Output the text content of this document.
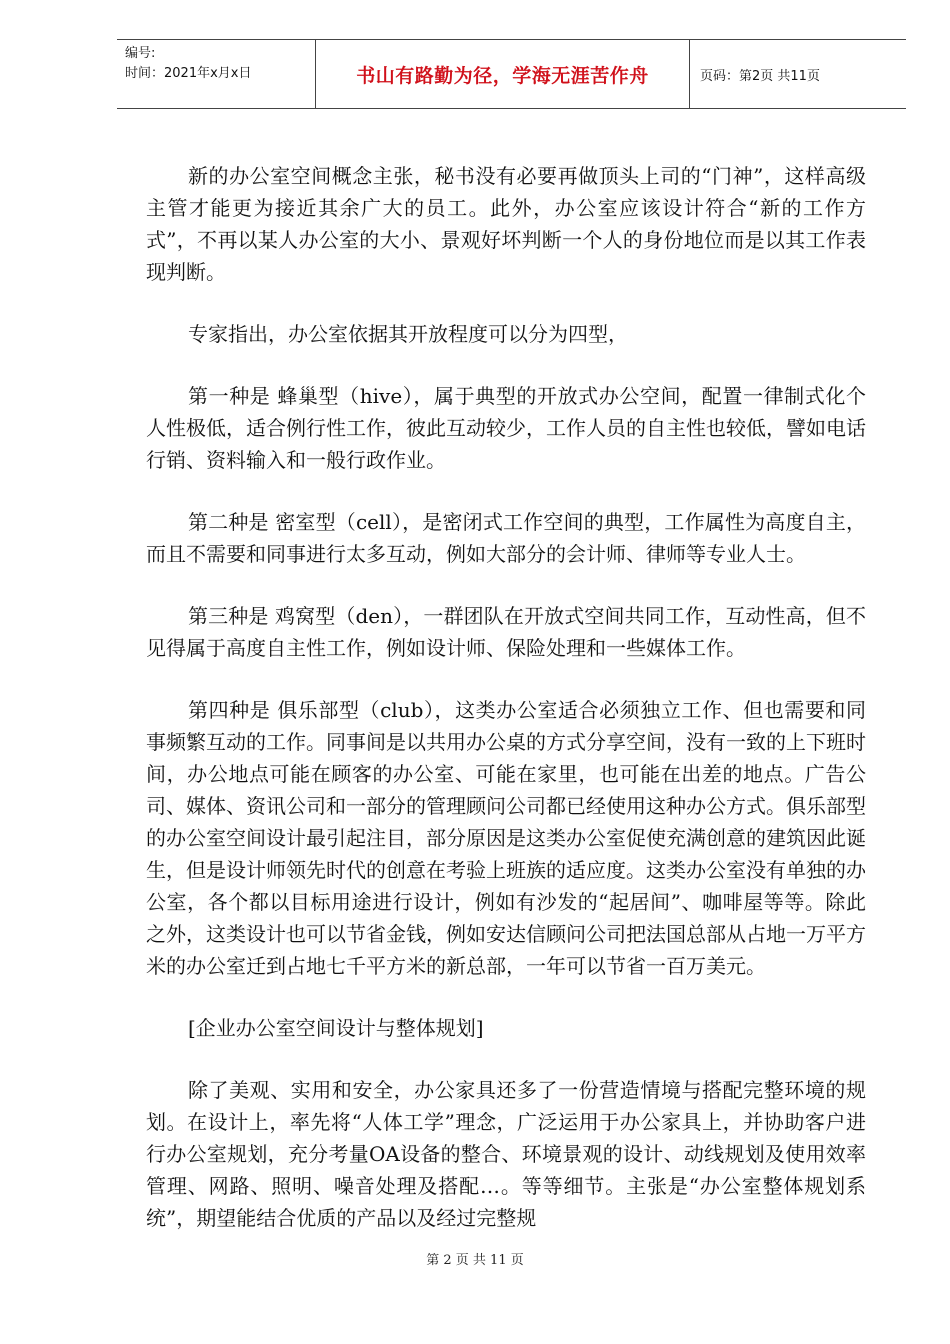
编号:
时间：2021年x月x日	书山有路勤为径，学海无涯苦作舟	页码：第2页 共11页

新的办公室空间概念主张，秘书没有必要再做顶头上司的“门神”，这样高级主管才能更为接近其余广大的员工。此外，办公室应该设计符合“新的工作方式”，不再以某人办公室的大小、景观好坏判断一个人的身份地位而是以其工作表现判断。

专家指出，办公室依据其开放程度可以分为四型，

第一种是 蜂巢型（hive），属于典型的开放式办公空间，配置一律制式化个人性极低，适合例行性工作，彼此互动较少，工作人员的自主性也较低，譬如电话行销、资料输入和一般行政作业。

第二种是 密室型（cell），是密闭式工作空间的典型，工作属性为高度自主，而且不需要和同事进行太多互动，例如大部分的会计师、律师等专业人士。

第三种是 鸡窝型（den），一群团队在开放式空间共同工作，互动性高，但不见得属于高度自主性工作，例如设计师、保险处理和一些媒体工作。

第四种是 俱乐部型（club），这类办公室适合必须独立工作、但也需要和同事频繁互动的工作。同事间是以共用办公桌的方式分享空间，没有一致的上下班时间，办公地点可能在顾客的办公室、可能在家里，也可能在出差的地点。广告公司、媒体、资讯公司和一部分的管理顾问公司都已经使用这种办公方式。俱乐部型的办公室空间设计最引起注目，部分原因是这类办公室促使充满创意的建筑因此诞生，但是设计师领先时代的创意在考验上班族的适应度。这类办公室没有单独的办公室，各个都以目标用途进行设计，例如有沙发的“起居间”、咖啡屋等等。除此之外，这类设计也可以节省金钱，例如安达信顾问公司把法国总部从占地一万平方米的办公室迁到占地七千平方米的新总部，一年可以节省一百万美元。

[企业办公室空间设计与整体规划]

除了美观、实用和安全，办公家具还多了一份营造情境与搭配完整环境的规划。在设计上，率先将“人体工学”理念，广泛运用于办公家具上，并协助客户进行办公室规划，充分考量OA设备的整合、环境景观的设计、动线规划及使用效率管理、网路、照明、噪音处理及搭配…。等等细节。主张是“办公室整体规划系统”，期望能结合优质的产品以及经过完整规

第 2 页 共 11 页
